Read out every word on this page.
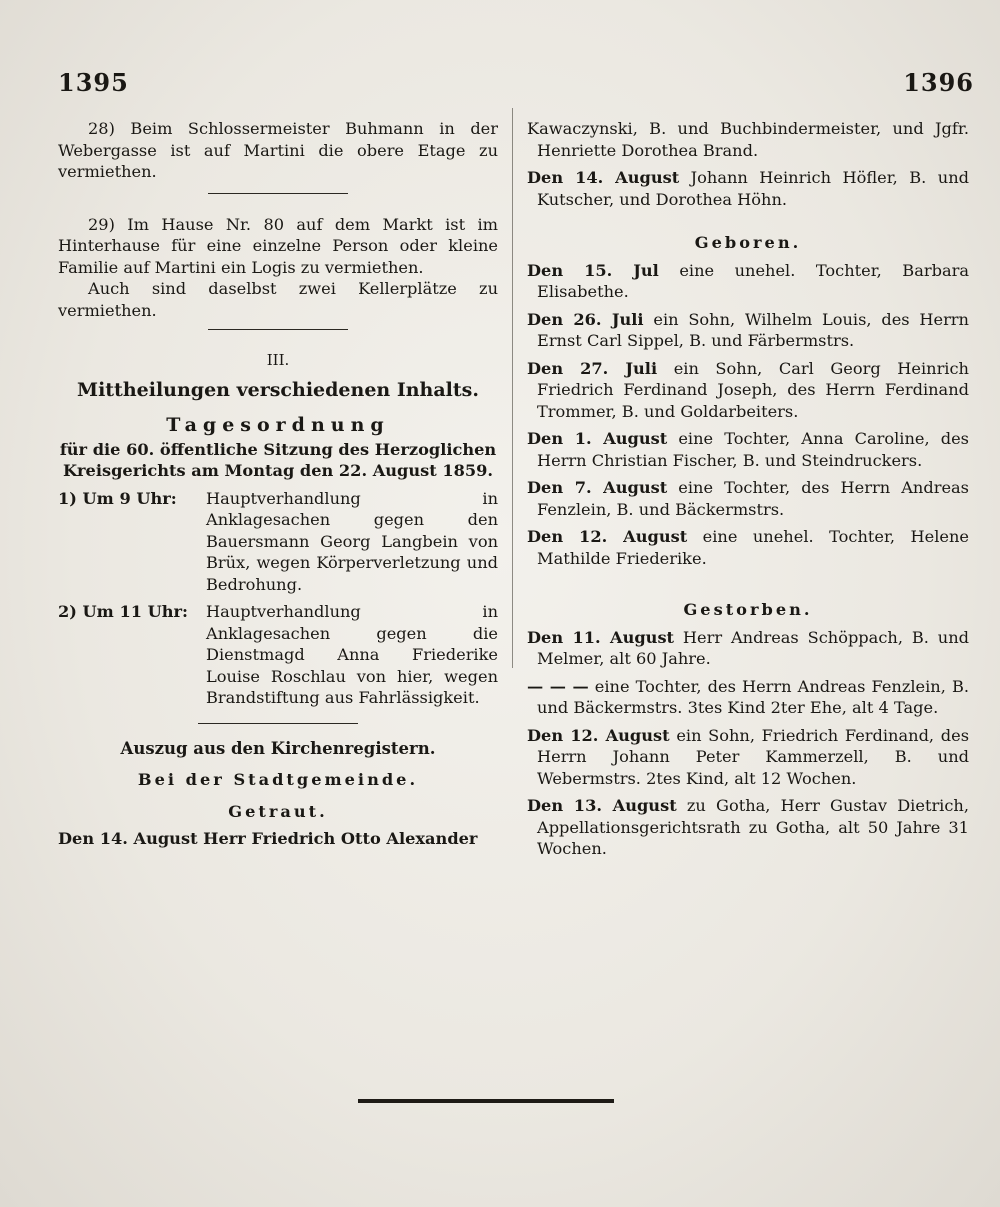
1395	1396

28) Beim Schlossermeister Buhmann in der Webergasse ist auf Martini die obere Etage zu vermiethen.

29) Im Hause Nr. 80 auf dem Markt ist im Hinterhause für eine einzelne Person oder kleine Familie auf Martini ein Logis zu vermiethen.

Auch sind daselbst zwei Kellerplätze zu vermiethen.

III.
Mittheilungen verschiedenen Inhalts.
Tagesordnung

für die 60. öffentliche Sitzung des Herzoglichen Kreisgerichts am Montag den 22. August 1859.

1) Um 9 Uhr:	Hauptverhandlung in Anklagesachen gegen den Bauersmann Georg Langbein von Brüx, wegen Körperverletzung und Bedrohung.
2) Um 11 Uhr:	Hauptverhandlung in Anklagesachen gegen die Dienstmagd Anna Friederike Louise Roschlau von hier, wegen Brandstiftung aus Fahrlässigkeit.
Auszug aus den Kirchenregistern.
Bei der Stadtgemeinde.
Getraut.

Den 14. August Herr Friedrich Otto Alexander

Kawaczynski, B. und Buchbindermeister, und Jgfr. Henriette Dorothea Brand.

Den 14. August Johann Heinrich Höfler, B. und Kutscher, und Dorothea Höhn.

Geboren.

Den 15. Jul eine unehel. Tochter, Barbara Elisabethe.

Den 26. Juli ein Sohn, Wilhelm Louis, des Herrn Ernst Carl Sippel, B. und Färbermstrs.

Den 27. Juli ein Sohn, Carl Georg Heinrich Friedrich Ferdinand Joseph, des Herrn Ferdinand Trommer, B. und Goldarbeiters.

Den 1. August eine Tochter, Anna Caroline, des Herrn Christian Fischer, B. und Steindruckers.

Den 7. August eine Tochter, des Herrn Andreas Fenzlein, B. und Bäckermstrs.

Den 12. August eine unehel. Tochter, Helene Mathilde Friederike.

Gestorben.

Den 11. August Herr Andreas Schöppach, B. und Melmer, alt 60 Jahre.

— — — eine Tochter, des Herrn Andreas Fenzlein, B. und Bäckermstrs. 3tes Kind 2ter Ehe, alt 4 Tage.

Den 12. August ein Sohn, Friedrich Ferdinand, des Herrn Johann Peter Kammerzell, B. und Webermstrs. 2tes Kind, alt 12 Wochen.

Den 13. August zu Gotha, Herr Gustav Dietrich, Appellationsgerichtsrath zu Gotha, alt 50 Jahre 31 Wochen.
